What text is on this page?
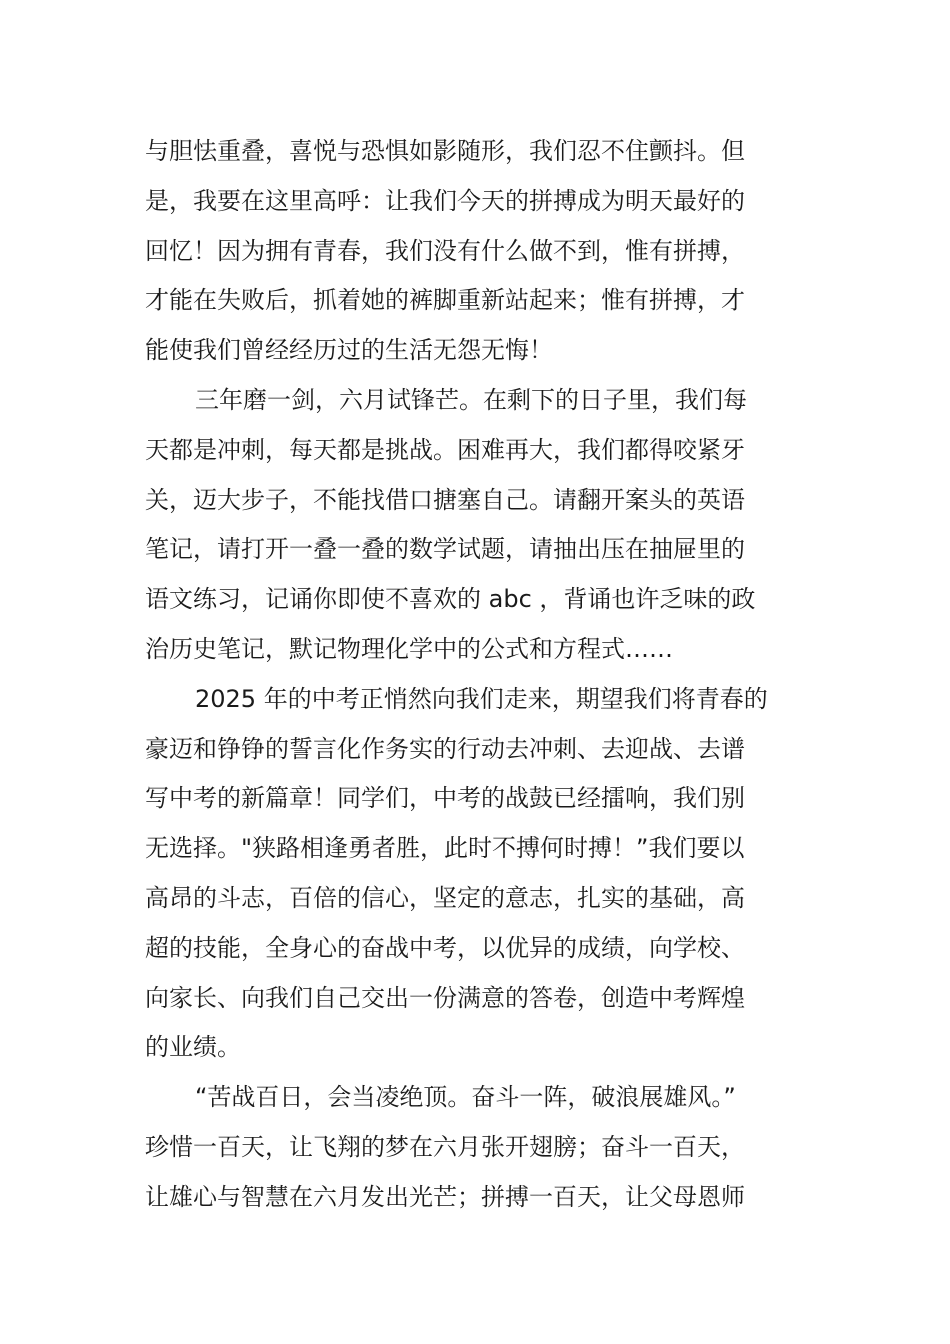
与胆怯重叠，喜悦与恐惧如影随形，我们忍不住颤抖。但
是，我要在这里高呼：让我们今天的拼搏成为明天最好的
回忆！因为拥有青春，我们没有什么做不到，惟有拼搏，
才能在失败后，抓着她的裤脚重新站起来；惟有拼搏，才
能使我们曾经经历过的生活无怨无悔！

三年磨一剑，六月试锋芒。在剩下的日子里，我们每
天都是冲刺，每天都是挑战。困难再大，我们都得咬紧牙
关，迈大步子，不能找借口搪塞自己。请翻开案头的英语
笔记，请打开一叠一叠的数学试题，请抽出压在抽屉里的
语文练习，记诵你即使不喜欢的 abc ，背诵也许乏味的政
治历史笔记，默记物理化学中的公式和方程式……

2025 年的中考正悄然向我们走来，期望我们将青春的
豪迈和铮铮的誓言化作务实的行动去冲刺、去迎战、去谱
写中考的新篇章！同学们，中考的战鼓已经擂响，我们别
无选择。"狭路相逢勇者胜，此时不搏何时搏！”我们要以
高昂的斗志，百倍的信心，坚定的意志，扎实的基础，高
超的技能，全身心的奋战中考，以优异的成绩，向学校、
向家长、向我们自己交出一份满意的答卷，创造中考辉煌
的业绩。

“苦战百日，会当凌绝顶。奋斗一阵，破浪展雄风。”
珍惜一百天，让飞翔的梦在六月张开翅膀；奋斗一百天，
让雄心与智慧在六月发出光芒；拼搏一百天，让父母恩师
